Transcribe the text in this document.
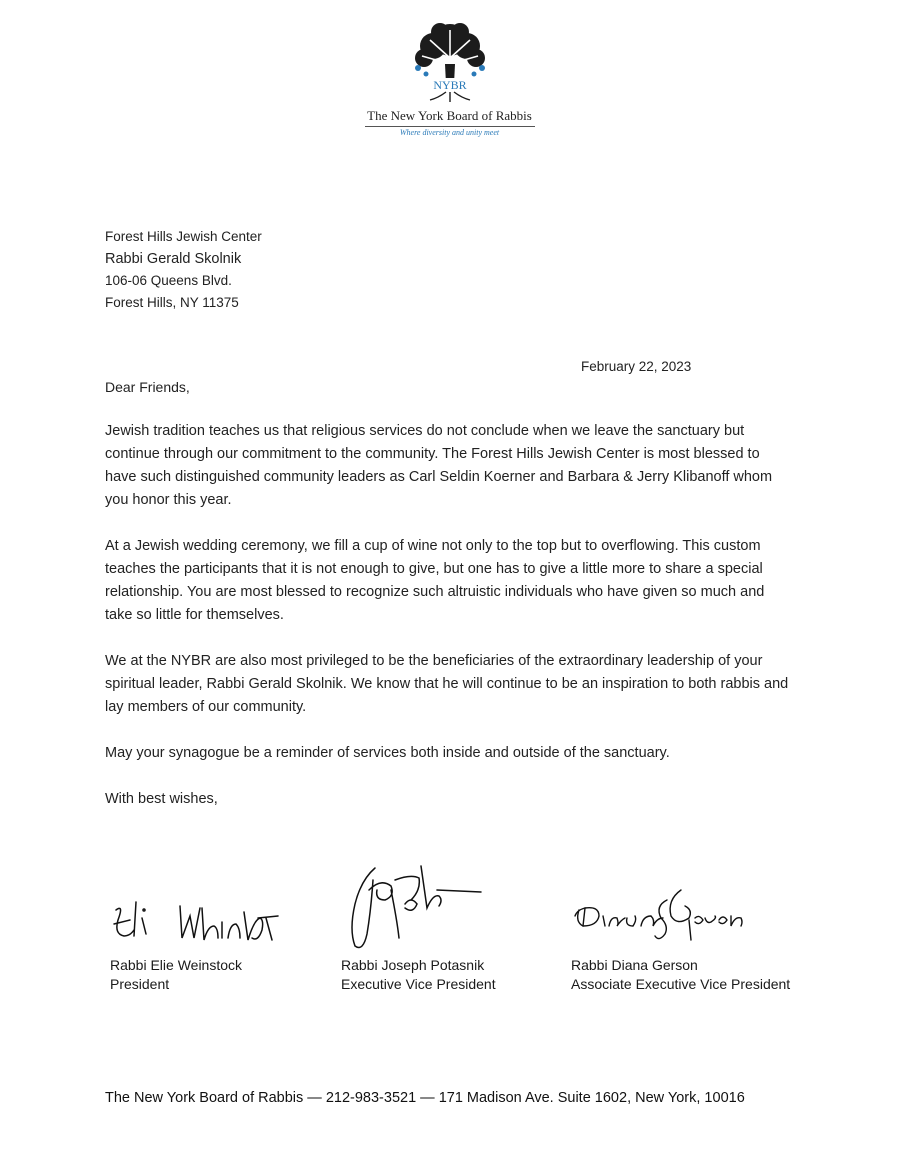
NYBR
The New York Board of Rabbis
Where diversity and unity meet
Forest Hills Jewish Center
Rabbi Gerald Skolnik
106-06 Queens Blvd.
Forest Hills, NY 11375
February 22, 2023
Dear Friends,

Jewish tradition teaches us that religious services do not conclude when we leave the sanctuary but continue through our commitment to the community. The Forest Hills Jewish Center is most blessed to have such distinguished community leaders as Carl Seldin Koerner and Barbara & Jerry Klibanoff whom you honor this year.

At a Jewish wedding ceremony, we fill a cup of wine not only to the top but to overflowing. This custom teaches the participants that it is not enough to give, but one has to give a little more to share a special relationship. You are most blessed to recognize such altruistic individuals who have given so much and take so little for themselves.

We at the NYBR are also most privileged to be the beneficiaries of the extraordinary leadership of your spiritual leader, Rabbi Gerald Skolnik. We know that he will continue to be an inspiration to both rabbis and lay members of our community.

May your synagogue be a reminder of services both inside and outside of the sanctuary.

With best wishes,
Rabbi Elie Weinstock
President
Rabbi Joseph Potasnik
Executive Vice President
Rabbi Diana Gerson
Associate Executive Vice President
The New York Board of Rabbis — 212-983-3521 — 171 Madison Ave. Suite 1602, New York, 10016
